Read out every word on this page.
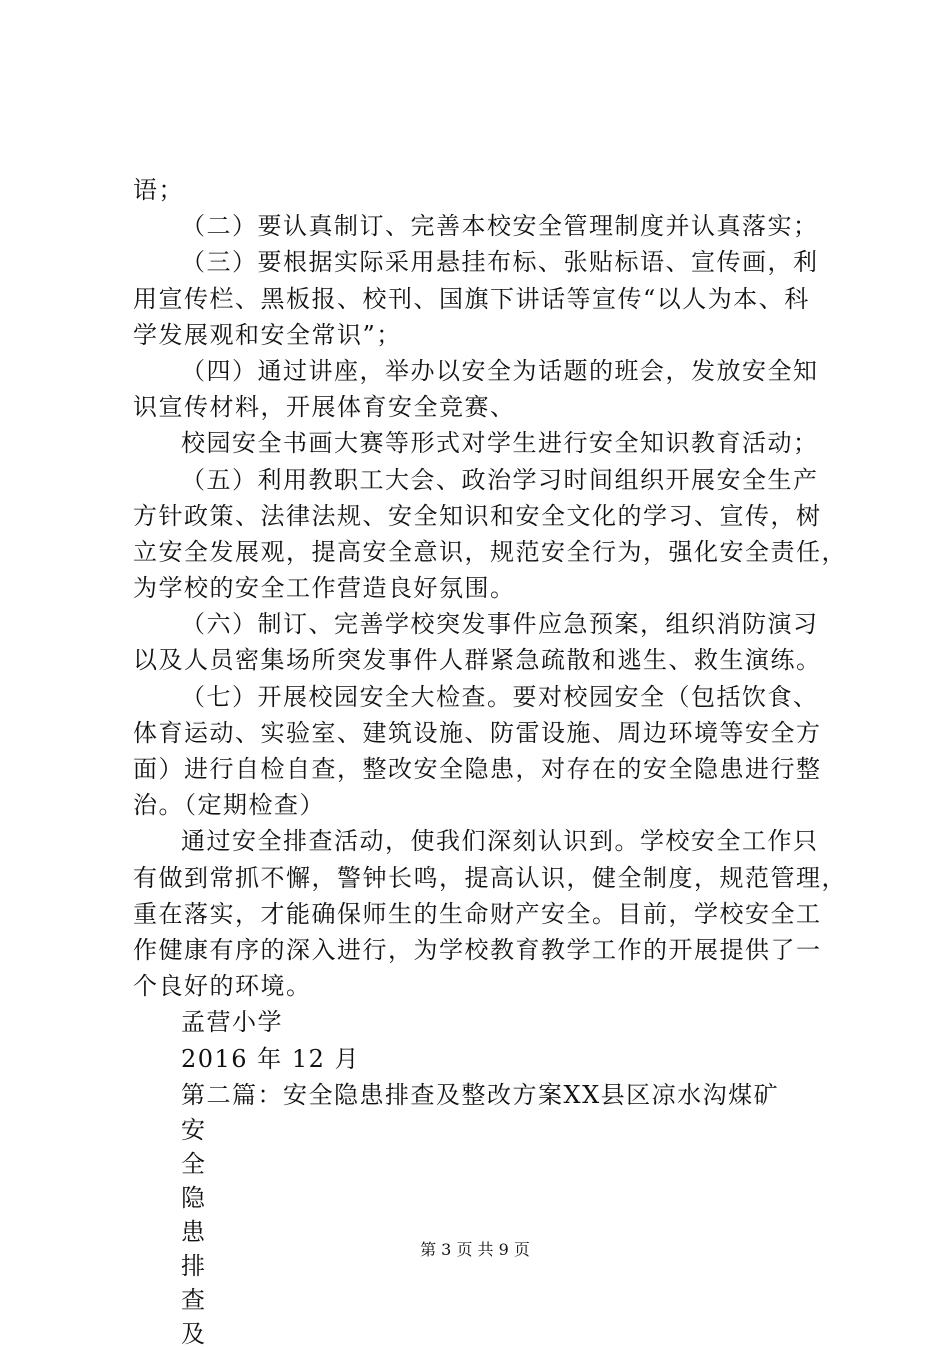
语；
（二）要认真制订、完善本校安全管理制度并认真落实；
（三）要根据实际采用悬挂布标、张贴标语、宣传画，利
用宣传栏、黑板报、校刊、国旗下讲话等宣传“以人为本、科
学发展观和安全常识”；
（四）通过讲座，举办以安全为话题的班会，发放安全知
识宣传材料，开展体育安全竞赛、
校园安全书画大赛等形式对学生进行安全知识教育活动；
（五）利用教职工大会、政治学习时间组织开展安全生产
方针政策、法律法规、安全知识和安全文化的学习、宣传，树
立安全发展观，提高安全意识，规范安全行为，强化安全责任，
为学校的安全工作营造良好氛围。
（六）制订、完善学校突发事件应急预案，组织消防演习
以及人员密集场所突发事件人群紧急疏散和逃生、救生演练。
（七）开展校园安全大检查。要对校园安全（包括饮食、
体育运动、实验室、建筑设施、防雷设施、周边环境等安全方
面）进行自检自查，整改安全隐患，对存在的安全隐患进行整
治。（定期检查）
通过安全排查活动，使我们深刻认识到。学校安全工作只
有做到常抓不懈，警钟长鸣，提高认识，健全制度，规范管理，
重在落实，才能确保师生的生命财产安全。目前，学校安全工
作健康有序的深入进行，为学校教育教学工作的开展提供了一
个良好的环境。
孟营小学
2016 年 12 月
第二篇：安全隐患排查及整改方案XX县区凉水沟煤矿
安
全
隐
患
排
查
及
第 3 页 共 9 页
